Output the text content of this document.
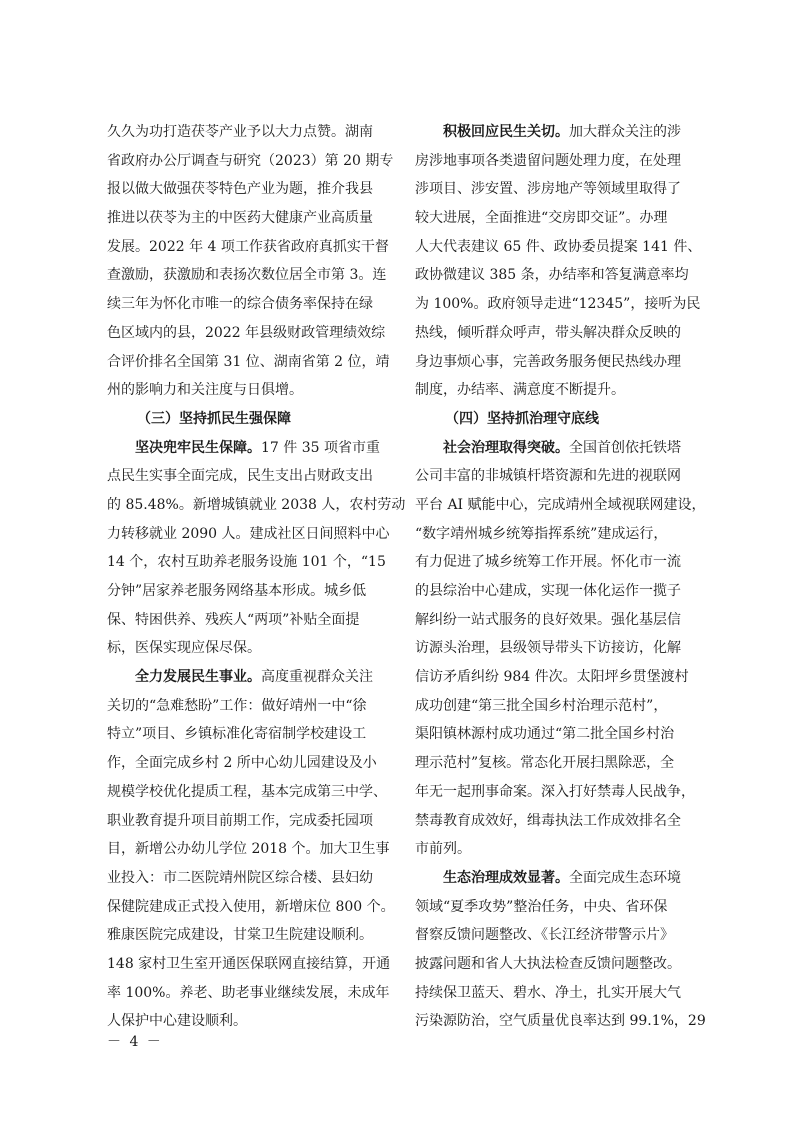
久久为功打造茯苓产业予以大力点赞。湖南
省政府办公厅调查与研究（2023）第 20 期专
报以做大做强茯苓特色产业为题，推介我县
推进以茯苓为主的中医药大健康产业高质量
发展。2022 年 4 项工作获省政府真抓实干督
查激励，获激励和表扬次数位居全市第 3。连
续三年为怀化市唯一的综合债务率保持在绿
色区域内的县，2022 年县级财政管理绩效综
合评价排名全国第 31 位、湖南省第 2 位，靖
州的影响力和关注度与日俱增。
（三）坚持抓民生强保障
坚决兜牢民生保障。17 件 35 项省市重
点民生实事全面完成，民生支出占财政支出
的 85.48%。新增城镇就业 2038 人，农村劳动
力转移就业 2090 人。建成社区日间照料中心
14 个，农村互助养老服务设施 101 个，“15
分钟”居家养老服务网络基本形成。城乡低
保、特困供养、残疾人“两项”补贴全面提
标，医保实现应保尽保。
全力发展民生事业。高度重视群众关注
关切的“急难愁盼”工作：做好靖州一中“徐
特立”项目、乡镇标准化寄宿制学校建设工
作，全面完成乡村 2 所中心幼儿园建设及小
规模学校优化提质工程，基本完成第三中学、
职业教育提升项目前期工作，完成委托园项
目，新增公办幼儿学位 2018 个。加大卫生事
业投入：市二医院靖州院区综合楼、县妇幼
保健院建成正式投入使用，新增床位 800 个。
雅康医院完成建设，甘棠卫生院建设顺利。
148 家村卫生室开通医保联网直接结算，开通
率 100%。养老、助老事业继续发展，未成年
人保护中心建设顺利。
积极回应民生关切。加大群众关注的涉
房涉地事项各类遗留问题处理力度，在处理
涉项目、涉安置、涉房地产等领域里取得了
较大进展，全面推进“交房即交证”。办理
人大代表建议 65 件、政协委员提案 141 件、
政协微建议 385 条，办结率和答复满意率均
为 100%。政府领导走进“12345”，接听为民
热线，倾听群众呼声，带头解决群众反映的
身边事烦心事，完善政务服务便民热线办理
制度，办结率、满意度不断提升。
（四）坚持抓治理守底线
社会治理取得突破。全国首创依托铁塔
公司丰富的非城镇杆塔资源和先进的视联网
平台 AI 赋能中心，完成靖州全域视联网建设，
“数字靖州城乡统筹指挥系统”建成运行，
有力促进了城乡统筹工作开展。怀化市一流
的县综治中心建成，实现一体化运作一揽子
解纠纷一站式服务的良好效果。强化基层信
访源头治理，县级领导带头下访接访，化解
信访矛盾纠纷 984 件次。太阳坪乡贯堡渡村
成功创建“第三批全国乡村治理示范村”，
渠阳镇林源村成功通过“第二批全国乡村治
理示范村”复核。常态化开展扫黑除恶，全
年无一起刑事命案。深入打好禁毒人民战争，
禁毒教育成效好，缉毒执法工作成效排名全
市前列。
生态治理成效显著。全面完成生态环境
领域“夏季攻势”整治任务，中央、省环保
督察反馈问题整改、《长江经济带警示片》
披露问题和省人大执法检查反馈问题整改。
持续保卫蓝天、碧水、净土，扎实开展大气
污染源防治，空气质量优良率达到 99.1%，29
－ 4 －
